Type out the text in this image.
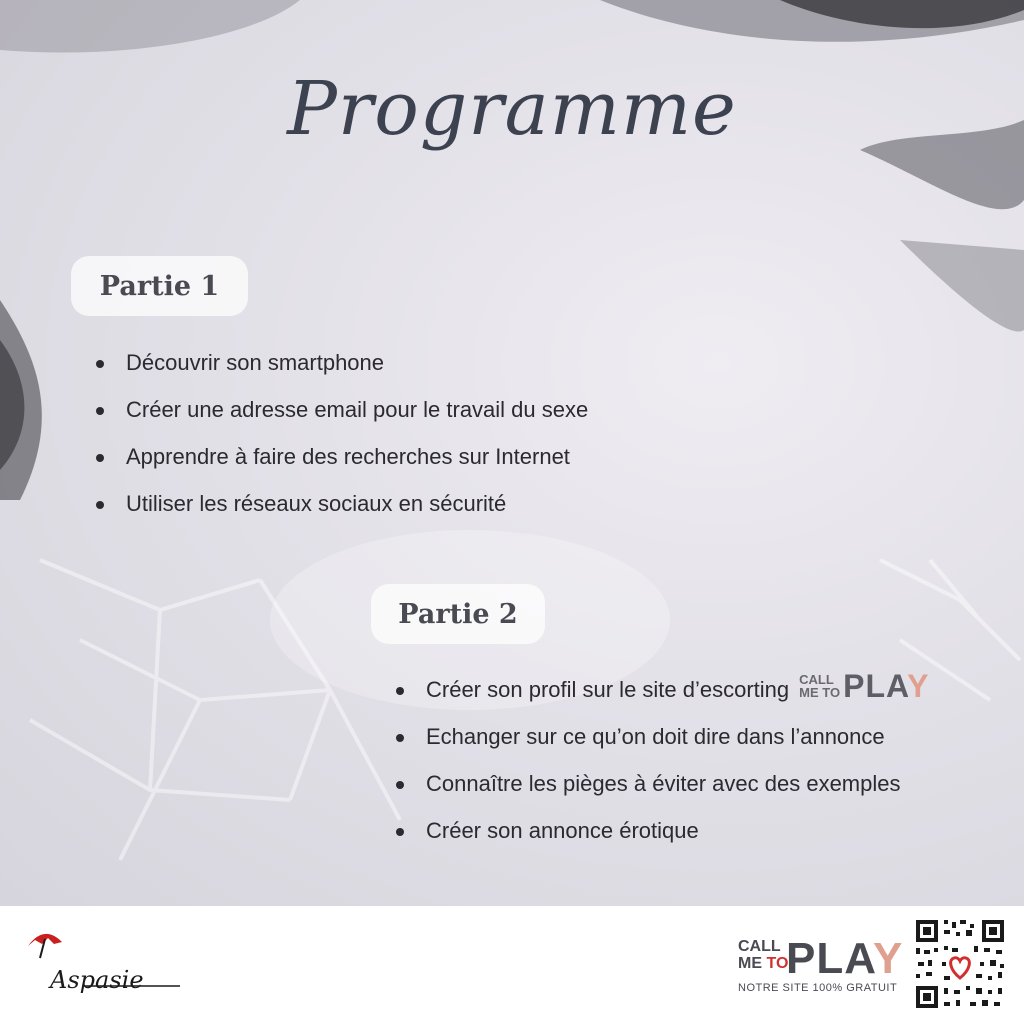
Programme
Partie 1
Découvrir son smartphone
Créer une adresse email pour le travail du sexe
Apprendre à faire des recherches sur Internet
Utiliser les réseaux sociaux en sécurité
Partie 2
Créer son profil sur le site d’escorting CALL
ME TO PLAY
Echanger sur ce qu’on doit dire dans l’annonce
Connaître les pièges à éviter avec des exemples
Créer son annonce érotique
Aspasie
CALL
ME TO
PLAY
NOTRE SITE 100% GRATUIT
